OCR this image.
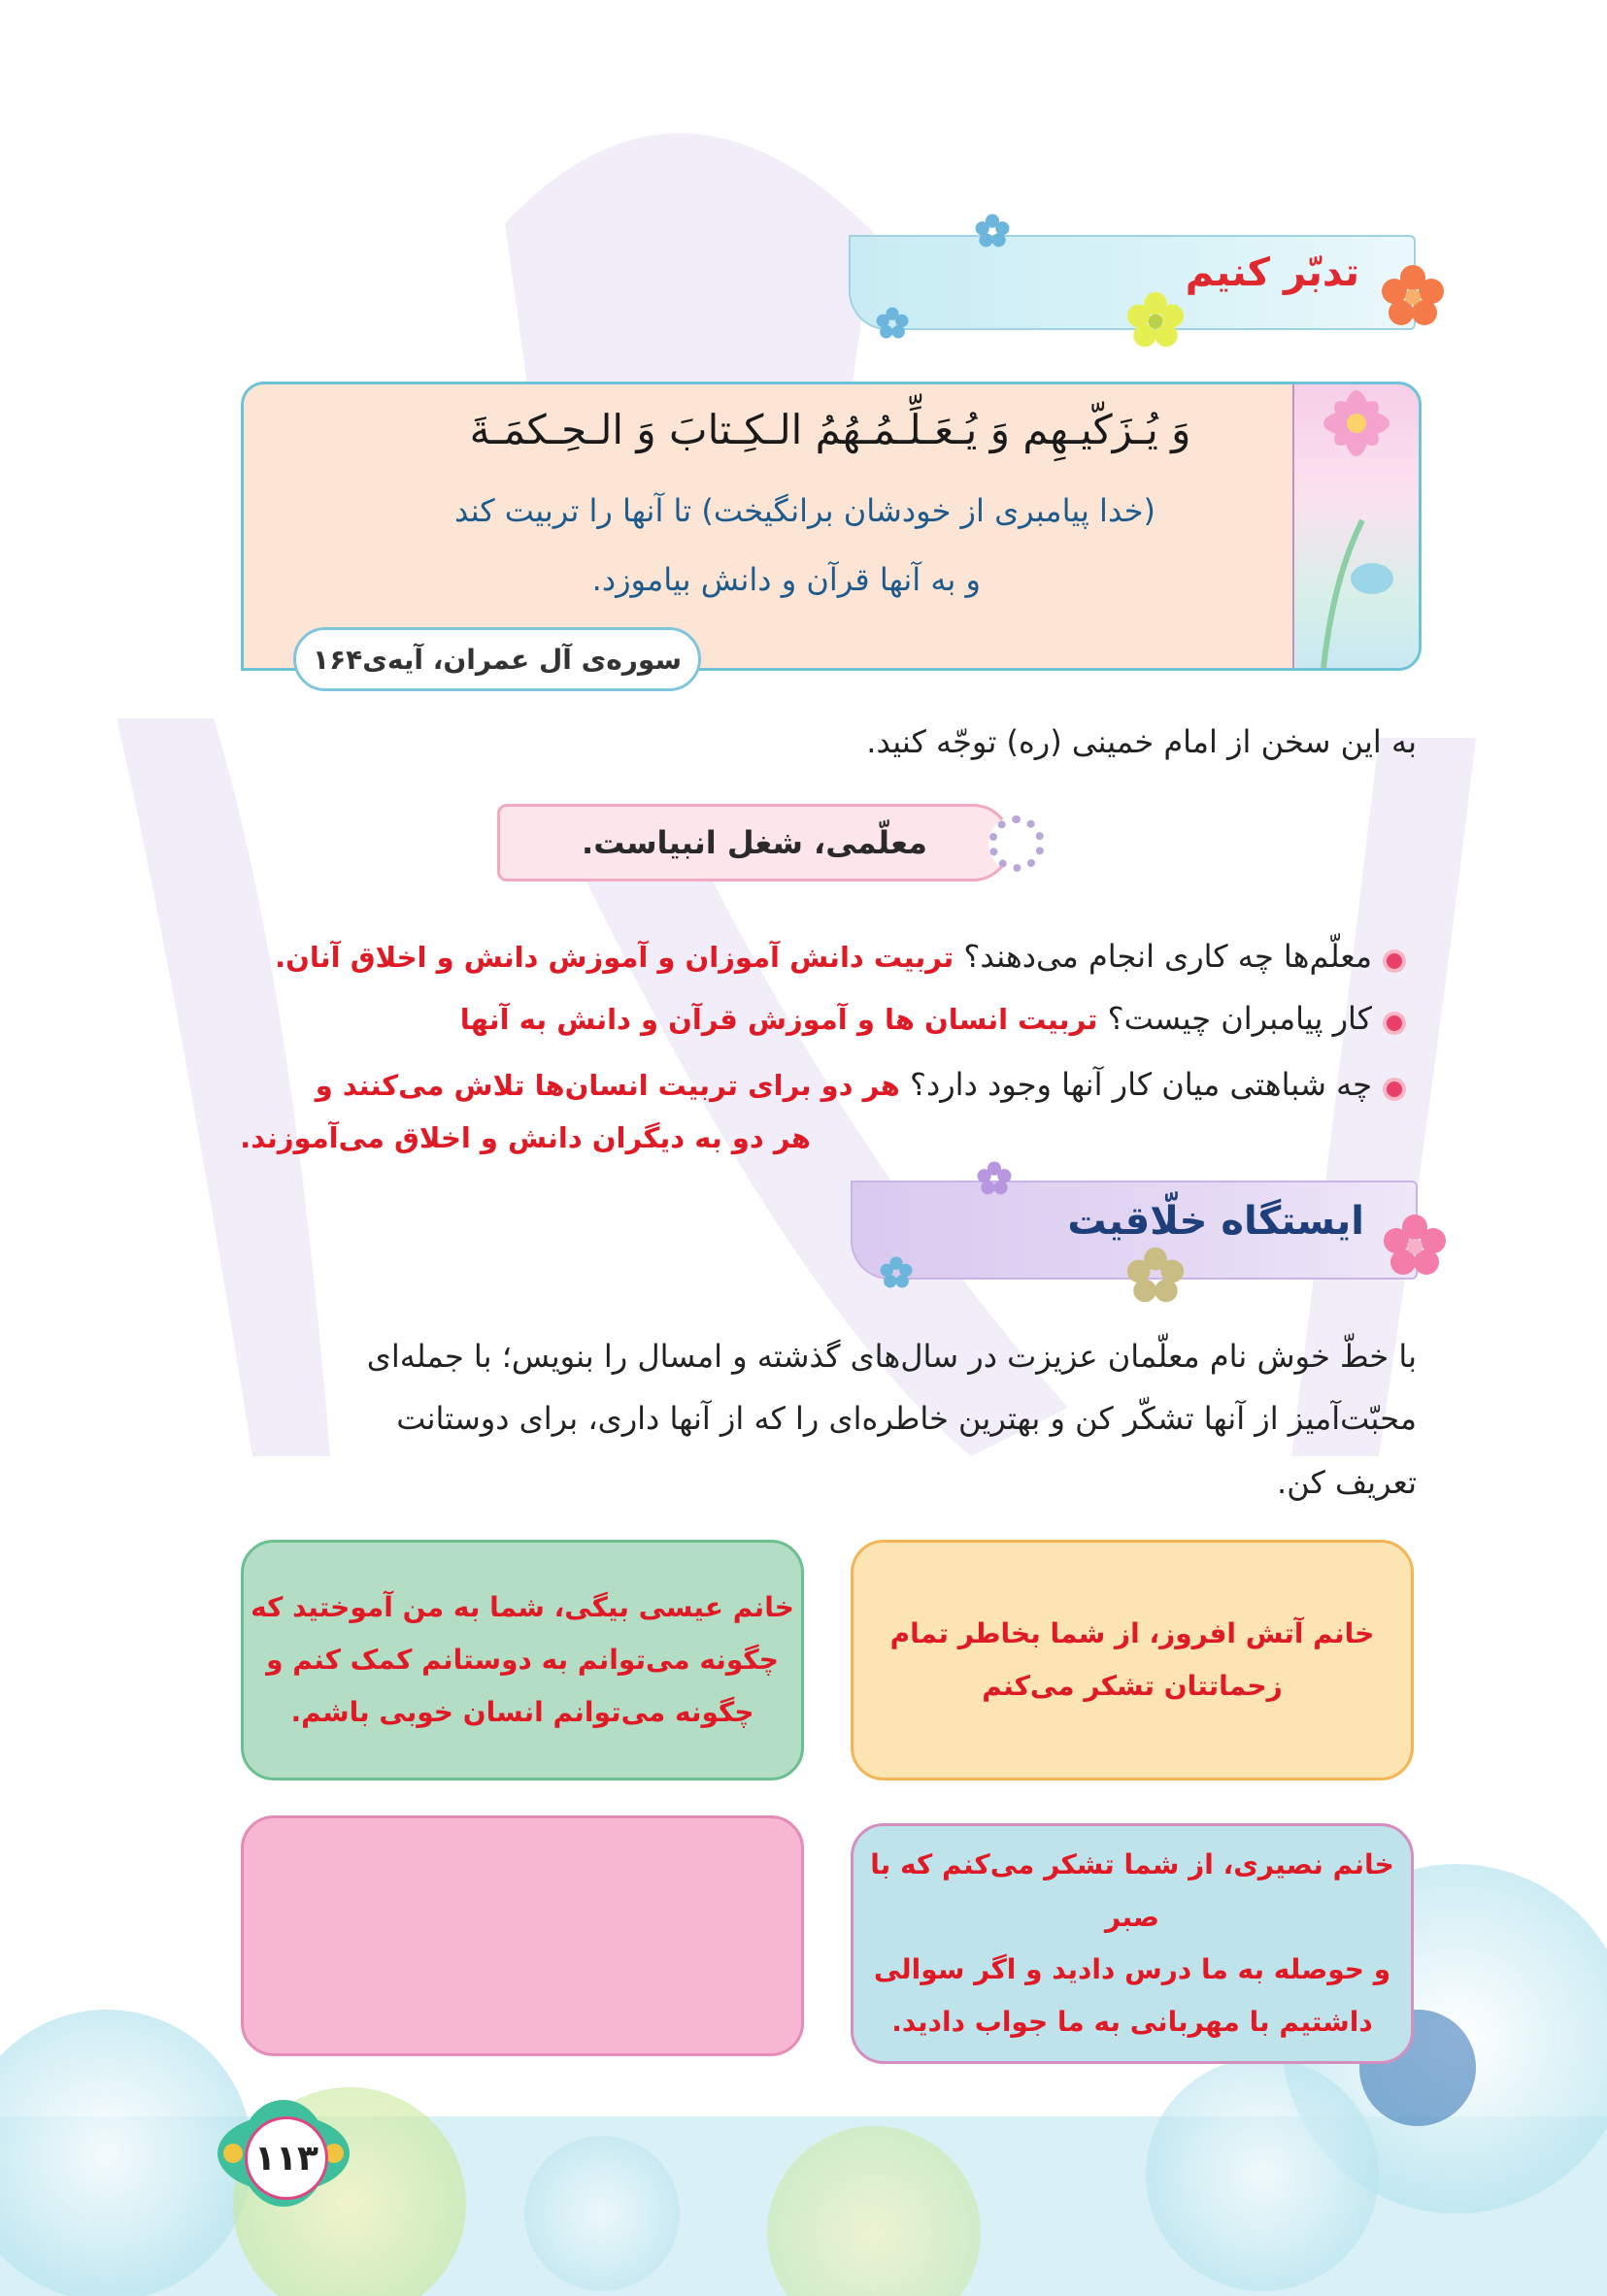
تدبّر کنیم
وَ یُـزَکّیـهِم وَ یُـعَـلِّـمُـهُمُ الـکِـتابَ وَ الـحِـکمَـةَ
(خدا پیامبری از خودشان برانگیخت) تا آنها را تربیت کند
و به آنها قرآن و دانش بیاموزد.
سوره‌ی آل عمران، آیه‌ی۱۶۴
به این سخن از امام خمینی (ره) توجّه کنید.
معلّمی، شغل انبیاست.
معلّم‌ها چه کاری انجام می‌دهند؟ تربیت دانش آموزان و آموزش دانش و اخلاق آنان.
کار پیامبران چیست؟ تربیت انسان ها و آموزش قرآن و دانش به آنها
چه شباهتی میان کار آنها وجود دارد؟ هر دو برای تربیت انسان‌ها تلاش می‌کنند و
هر دو به دیگران دانش و اخلاق می‌آموزند.
ایستگاه خلّاقیت
با خطّ خوش نام معلّمان عزیزت در سال‌های گذشته و امسال را بنویس؛ با جمله‌ای
محبّت‌آمیز از آنها تشکّر کن و بهترین خاطره‌ای را که از آنها داری، برای دوستانت
تعریف کن.
خانم آتش افروز، از شما بخاطر تمام
زحماتتان تشکر می‌کنم
خانم عیسی بیگی، شما به من آموختید که
چگونه می‌توانم به دوستانم کمک کنم و
چگونه می‌توانم انسان خوبی باشم.
خانم نصیری، از شما تشکر می‌کنم که با صبر
و حوصله به ما درس دادید و اگر سوالی
داشتیم با مهربانی به ما جواب دادید.
۱۱۳
